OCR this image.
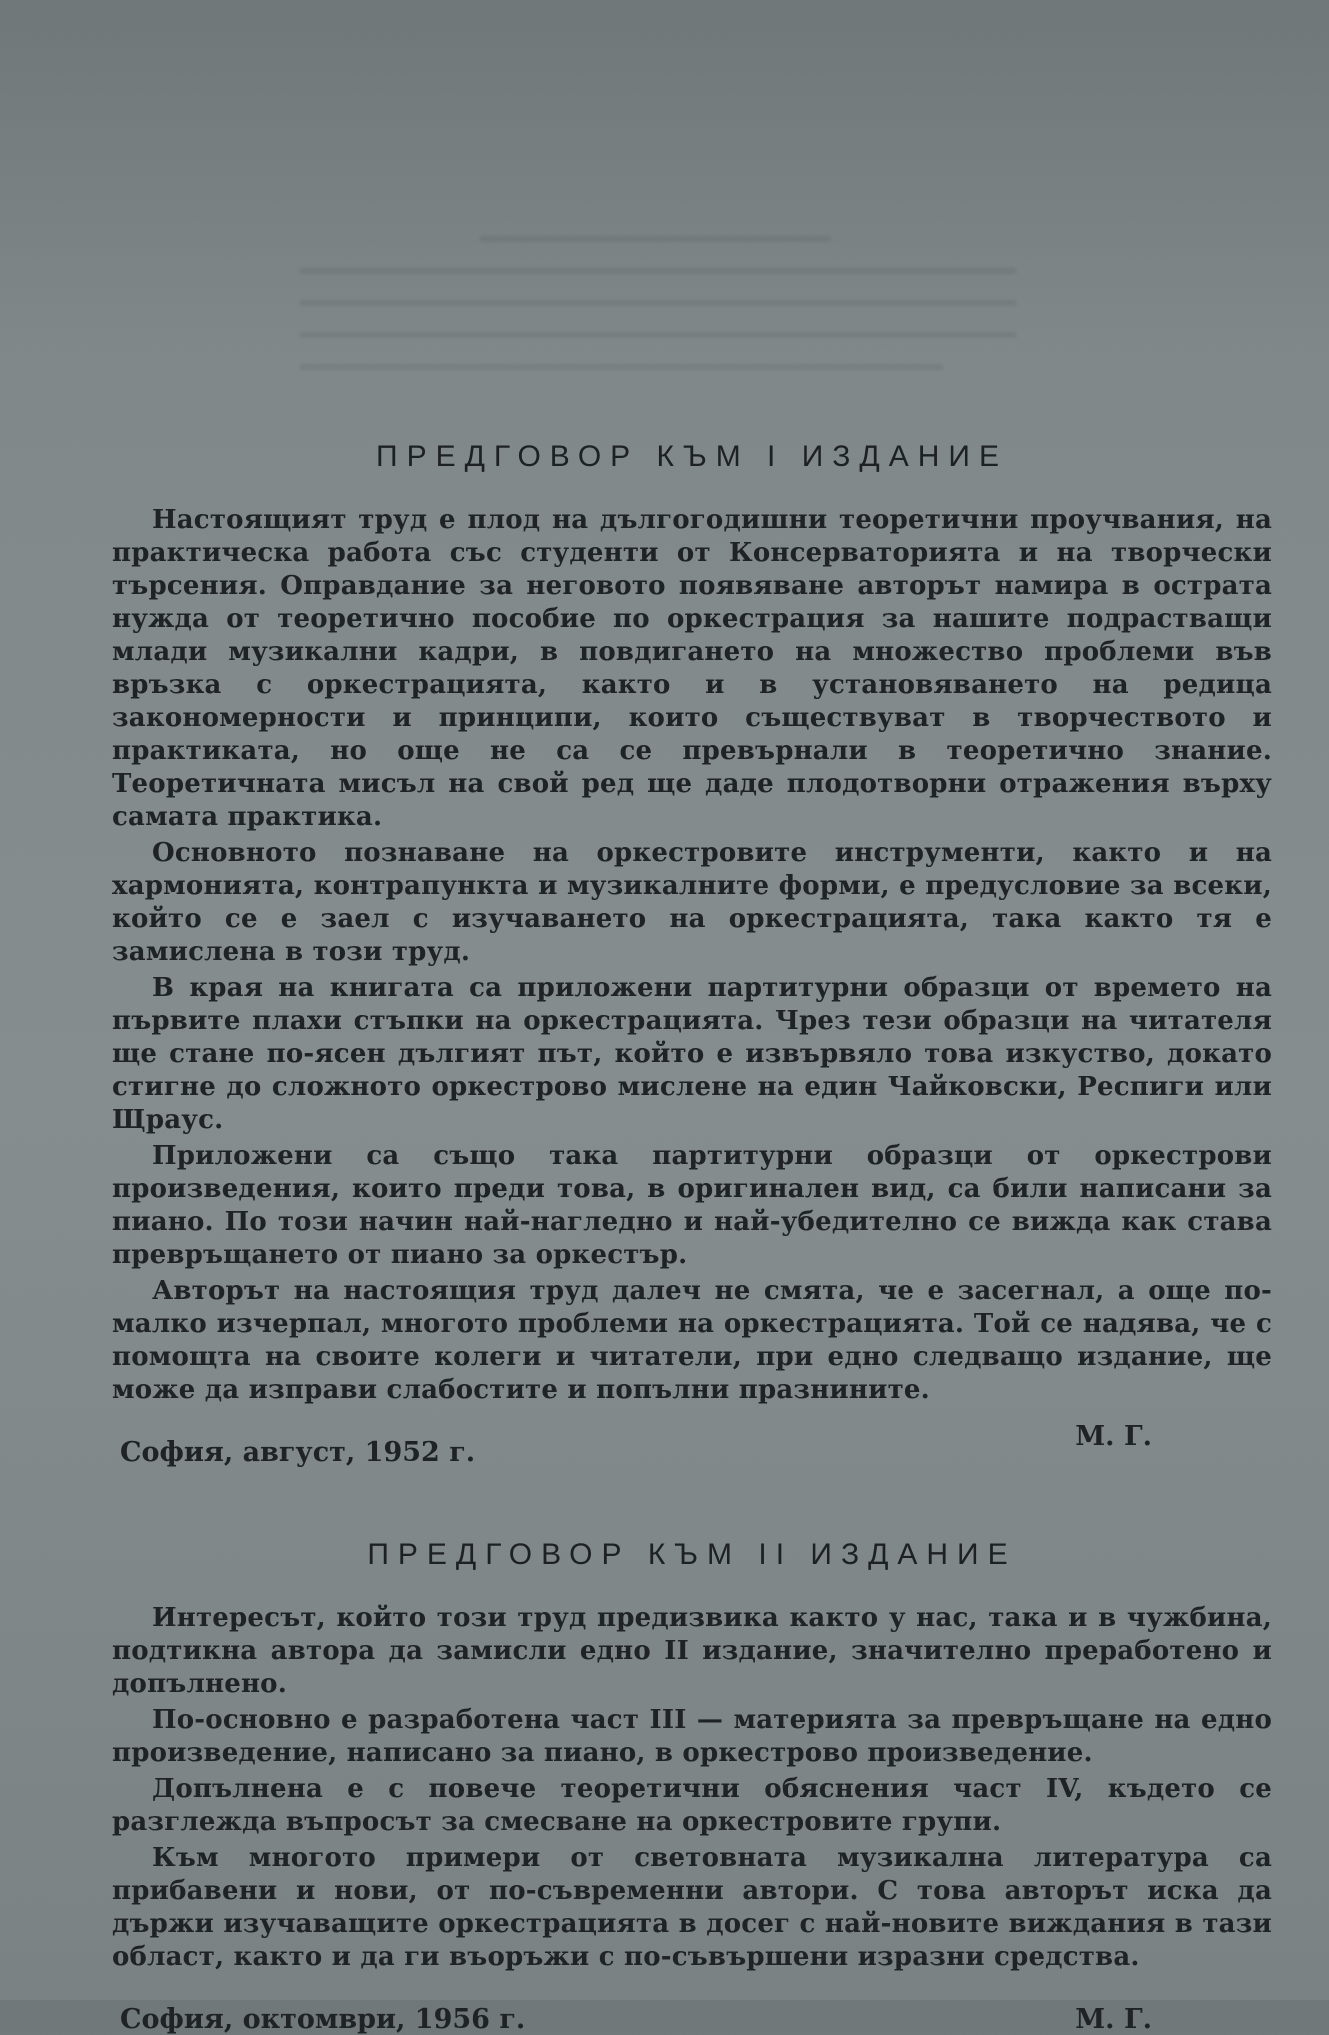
▂▂▂▂▂▂▂▂▂▂▂▂▂▂▂▂▂▂▂▂▂▂▂▂
▂▂▂▂▂▂▂▂▂▂▂▂▂▂▂▂▂▂▂▂▂▂▂▂▂▂▂▂▂▂▂▂▂▂▂▂▂▂▂▂▂▂▂▂▂▂▂▂▂
▂▂▂▂▂▂▂▂▂▂▂▂▂▂▂▂▂▂▂▂▂▂▂▂▂▂▂▂▂▂▂▂▂▂▂▂▂▂▂▂▂▂▂▂▂▂▂▂▂
▂▂▂▂▂▂▂▂▂▂▂▂▂▂▂▂▂▂▂▂▂▂▂▂▂▂▂▂▂▂▂▂▂▂▂▂▂▂▂▂▂▂▂▂▂▂▂▂▂
▂▂▂▂▂▂▂▂▂▂▂▂▂▂▂▂▂▂▂▂▂▂▂▂▂▂▂▂▂▂▂▂▂▂▂▂▂▂▂▂▂▂▂▂
ПРЕДГОВОР КЪМ I ИЗДАНИЕ

Настоящият труд е плод на дългогодишни теоретични проучвания, на практическа работа със студенти от Консерваторията и на творчески търсения. Оправдание за неговото появяване авторът намира в острата нужда от теоретично пособие по оркестрация за нашите подрастващи млади музикални кадри, в повдигането на множество проблеми във връзка с оркестрацията, както и в установяването на редица закономерности и принципи, които съществуват в творчеството и практиката, но още не са се превърнали в теоретично знание. Теоретичната мисъл на свой ред ще даде плодотворни отражения върху самата практика.

Основното познаване на оркестровите инструменти, както и на хармонията, контрапункта и музикалните форми, е предусловие за всеки, който се е заел с изучаването на оркестрацията, така както тя е замислена в този труд.

В края на книгата са приложени партитурни образци от времето на първите плахи стъпки на оркестрацията. Чрез тези образци на читателя ще стане по-ясен дългият път, който е извървяло това изкуство, докато стигне до сложното оркестрово мислене на един Чайковски, Респиги или Щраус.

Приложени са също така партитурни образци от оркестрови произведения, които преди това, в оригинален вид, са били написани за пиано. По този начин най-нагледно и най-убедително се вижда как става превръщането от пиано за оркестър.

Авторът на настоящия труд далеч не смята, че е засегнал, а още по-малко изчерпал, многото проблеми на оркестрацията. Той се надява, че с помощта на своите колеги и читатели, при едно следващо издание, ще може да изправи слабостите и попълни празнините.

София, август, 1952 г.
М. Г.
ПРЕДГОВОР КЪМ II ИЗДАНИЕ

Интересът, който този труд предизвика както у нас, така и в чужбина, подтикна автора да замисли едно II издание, значително преработено и допълнено.

По-основно е разработена част III — материята за превръщане на едно произведение, написано за пиано, в оркестрово произведение.

Допълнена е с повече теоретични обяснения част IV, където се разглежда въпросът за смесване на оркестровите групи.

Към многото примери от световната музикална литература са прибавени и нови, от по-съвременни автори. С това авторът иска да държи изучаващите оркестрацията в досег с най-новите виждания в тази област, както и да ги въоръжи с по-съвършени изразни средства.

София, октомври, 1956 г.	М. Г.
